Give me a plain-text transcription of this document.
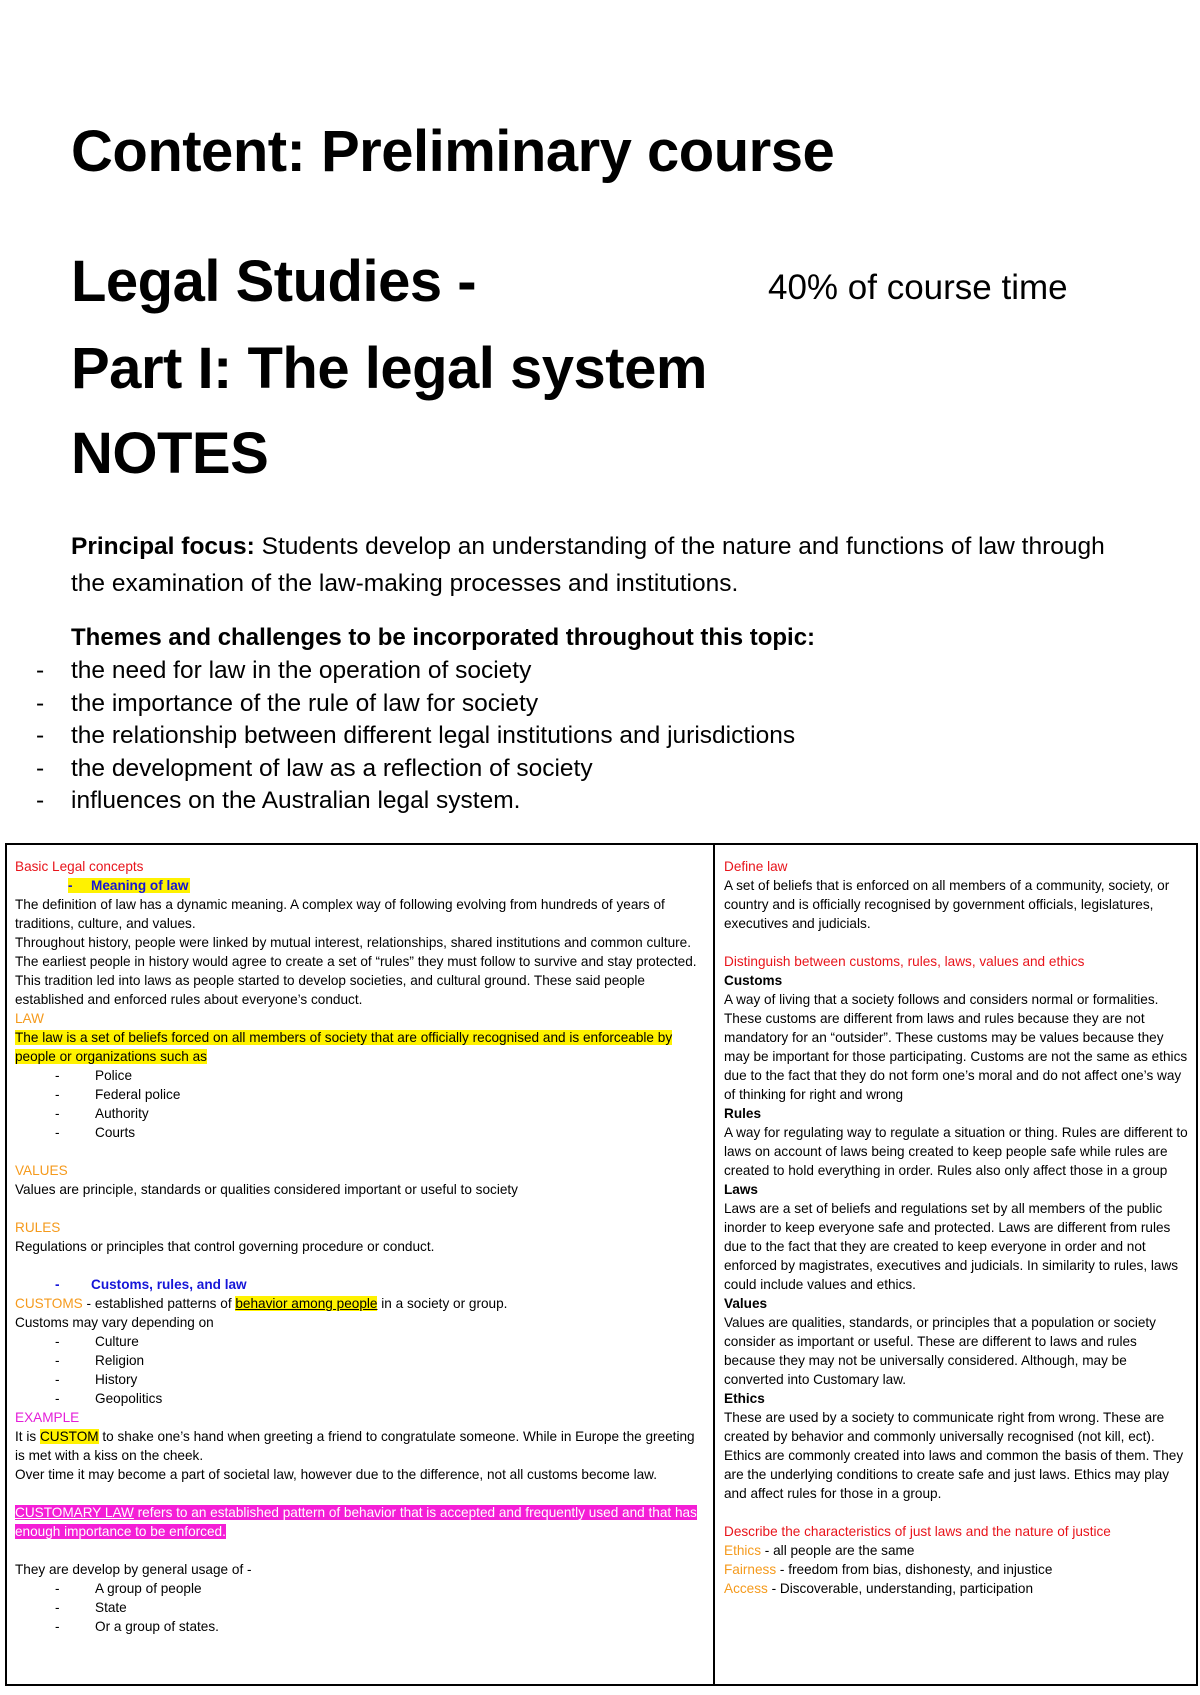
Content: Preliminary course
Legal Studies -	40% of course time
Part I: The legal system
NOTES
Principal focus: Students develop an understanding of the nature and functions of law through the examination of the law-making processes and institutions.
Themes and challenges to be incorporated throughout this topic:
- the need for law in the operation of society
- the importance of the rule of law for society
- the relationship between different legal institutions and jurisdictions
- the development of law as a reflection of society
- influences on the Australian legal system.
Basic Legal concepts
- Meaning of law
The definition of law has a dynamic meaning. A complex way of following evolving from hundreds of years of traditions, culture, and values.
Throughout history, people were linked by mutual interest, relationships, shared institutions and common culture. The earliest people in history would agree to create a set of “rules” they must follow to survive and stay protected.
This tradition led into laws as people started to develop societies, and cultural ground. These said people established and enforced rules about everyone’s conduct.
LAW
The law is a set of beliefs forced on all members of society that are officially recognised and is enforceable by people or organizations such as
- Police
- Federal police
- Authority
- Courts
VALUES
Values are principle, standards or qualities considered important or useful to society
RULES
Regulations or principles that control governing procedure or conduct.
- Customs, rules, and law
CUSTOMS - established patterns of behavior among people in a society or group.
Customs may vary depending on
- Culture
- Religion
- History
- Geopolitics
EXAMPLE
It is CUSTOM to shake one’s hand when greeting a friend to congratulate someone. While in Europe the greeting is met with a kiss on the cheek.
Over time it may become a part of societal law, however due to the difference, not all customs become law.
CUSTOMARY LAW refers to an established pattern of behavior that is accepted and frequently used and that has enough importance to be enforced.
They are develop by general usage of -
- A group of people
- State
- Or a group of states.
Define law
A set of beliefs that is enforced on all members of a community, society, or country and is officially recognised by government officials, legislatures, executives and judicials.
Distinguish between customs, rules, laws, values and ethics
Customs
A way of living that a society follows and considers normal or formalities. These customs are different from laws and rules because they are not mandatory for an “outsider”. These customs may be values because they may be important for those participating. Customs are not the same as ethics due to the fact that they do not form one’s moral and do not affect one’s way of thinking for right and wrong
Rules
A way for regulating way to regulate a situation or thing. Rules are different to laws on account of laws being created to keep people safe while rules are created to hold everything in order. Rules also only affect those in a group
Laws
Laws are a set of beliefs and regulations set by all members of the public inorder to keep everyone safe and protected. Laws are different from rules due to the fact that they are created to keep everyone in order and not enforced by magistrates, executives and judicials. In similarity to rules, laws could include values and ethics.
Values
Values are qualities, standards, or principles that a population or society consider as important or useful. These are different to laws and rules because they may not be universally considered. Although, may be converted into Customary law.
Ethics
These are used by a society to communicate right from wrong. These are created by behavior and commonly universally recognised (not kill, ect). Ethics are commonly created into laws and common the basis of them. They are the underlying conditions to create safe and just laws. Ethics may play and affect rules for those in a group.
Describe the characteristics of just laws and the nature of justice
Ethics - all people are the same
Fairness - freedom from bias, dishonesty, and injustice
Access - Discoverable, understanding, participation
